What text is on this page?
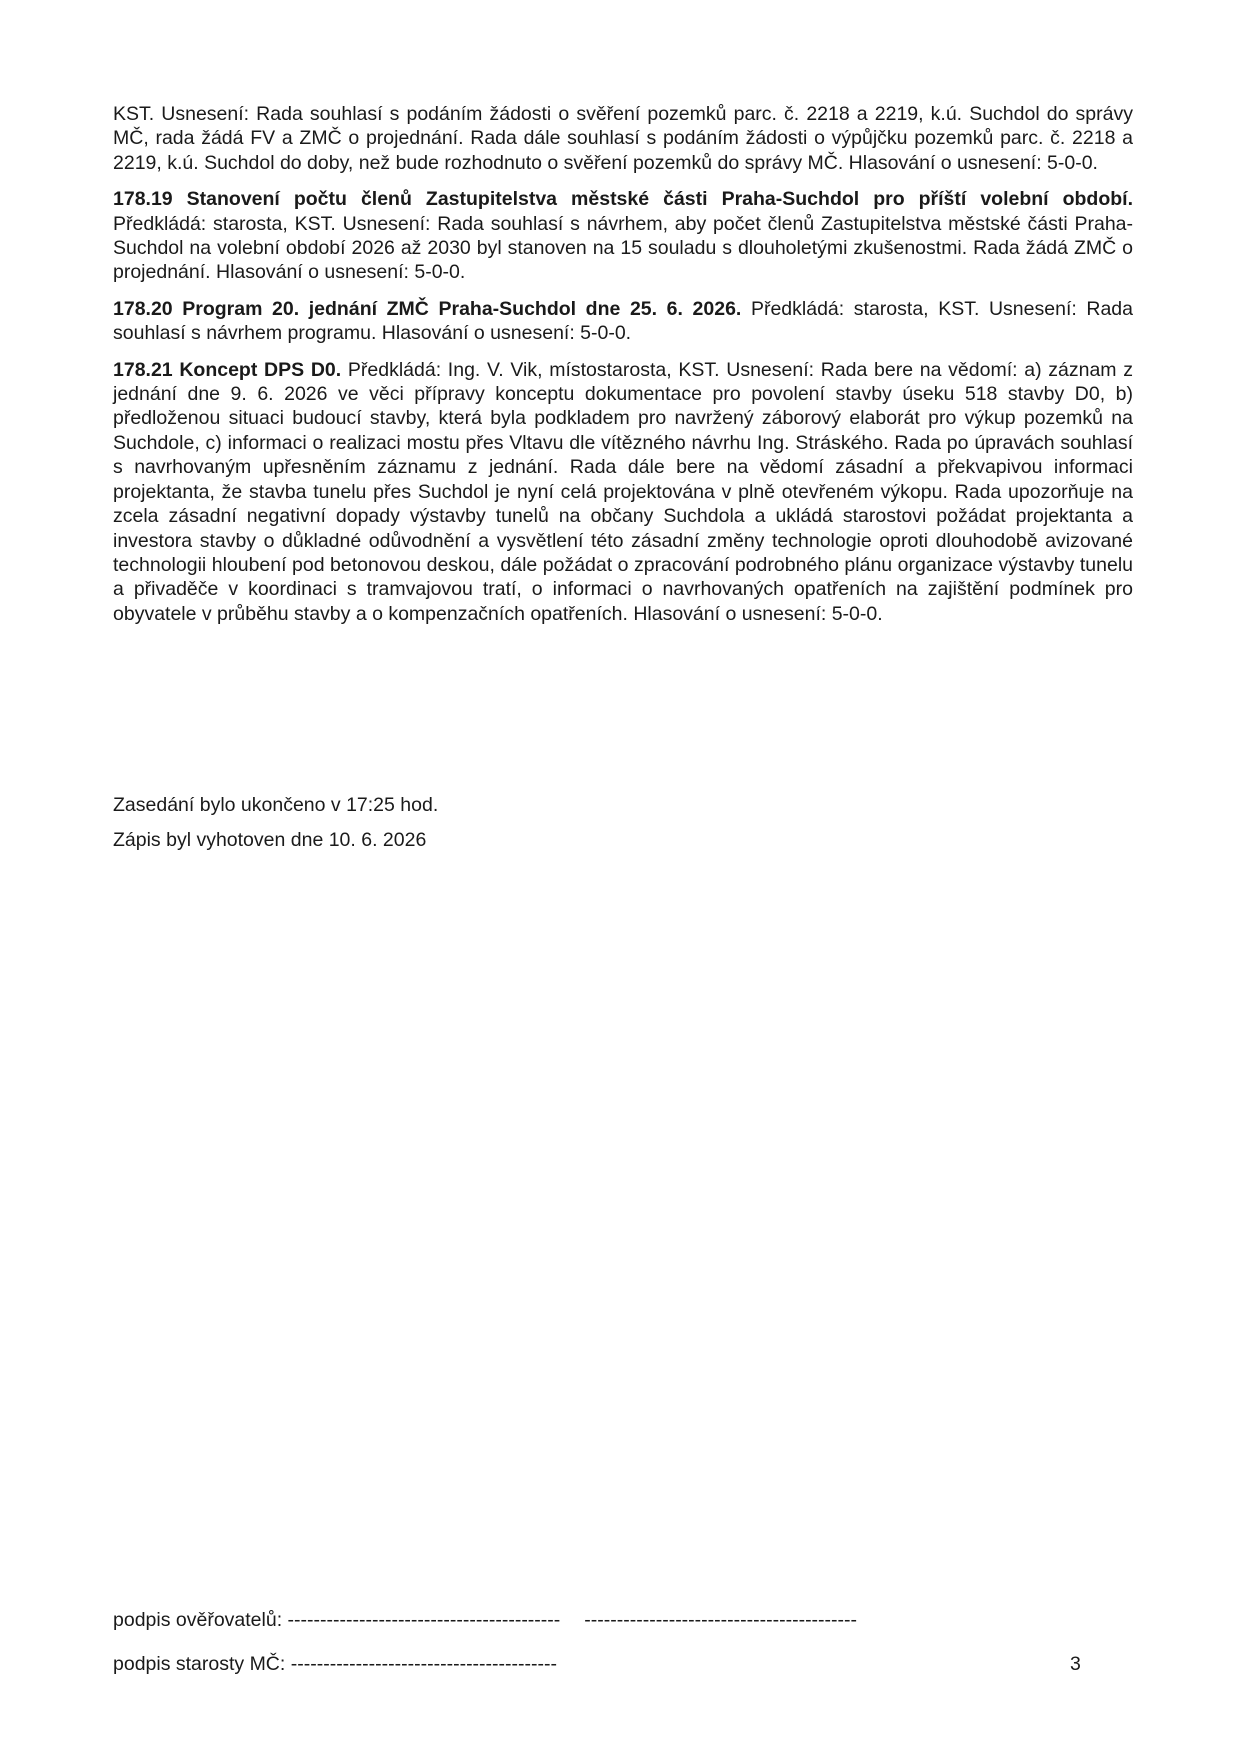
KST. Usnesení: Rada souhlasí s podáním žádosti o svěření pozemků parc. č. 2218 a 2219, k.ú. Suchdol do správy MČ, rada žádá FV a ZMČ o projednání. Rada dále souhlasí s podáním žádosti o výpůjčku pozemků parc. č. 2218 a 2219, k.ú. Suchdol do doby, než bude rozhodnuto o svěření pozemků do správy MČ. Hlasování o usnesení: 5-0-0.

178.19 Stanovení počtu členů Zastupitelstva městské části Praha-Suchdol pro příští volební období. Předkládá: starosta, KST. Usnesení: Rada souhlasí s návrhem, aby počet členů Zastupitelstva městské části Praha-Suchdol na volební období 2026 až 2030 byl stanoven na 15 souladu s dlouholetými zkušenostmi. Rada žádá ZMČ o projednání. Hlasování o usnesení: 5-0-0.

178.20 Program 20. jednání ZMČ Praha-Suchdol dne 25. 6. 2026. Předkládá: starosta, KST. Usnesení: Rada souhlasí s návrhem programu. Hlasování o usnesení: 5-0-0.

178.21 Koncept DPS D0. Předkládá: Ing. V. Vik, místostarosta, KST. Usnesení: Rada bere na vědomí: a) záznam z jednání dne 9. 6. 2026 ve věci přípravy konceptu dokumentace pro povolení stavby úseku 518 stavby D0, b) předloženou situaci budoucí stavby, která byla podkladem pro navržený záborový elaborát pro výkup pozemků na Suchdole, c) informaci o realizaci mostu přes Vltavu dle vítězného návrhu Ing. Stráského. Rada po úpravách souhlasí s navrhovaným upřesněním záznamu z jednání. Rada dále bere na vědomí zásadní a překvapivou informaci projektanta, že stavba tunelu přes Suchdol je nyní celá projektována v plně otevřeném výkopu. Rada upozorňuje na zcela zásadní negativní dopady výstavby tunelů na občany Suchdola a ukládá starostovi požádat projektanta a investora stavby o důkladné odůvodnění a vysvětlení této zásadní změny technologie oproti dlouhodobě avizované technologii hloubení pod betonovou deskou, dále požádat o zpracování podrobného plánu organizace výstavby tunelu a přivaděče v koordinaci s tramvajovou tratí, o informaci o navrhovaných opatřeních na zajištění podmínek pro obyvatele v průběhu stavby a o kompenzačních opatřeních. Hlasování o usnesení: 5-0-0.

Zasedání bylo ukončeno v 17:25 hod.
Zápis byl vyhotoven dne 10. 6. 2026
podpis ověřovatelů: ------------------------------------------ ------------------------------------------
podpis starosty MČ: -----------------------------------------	3
